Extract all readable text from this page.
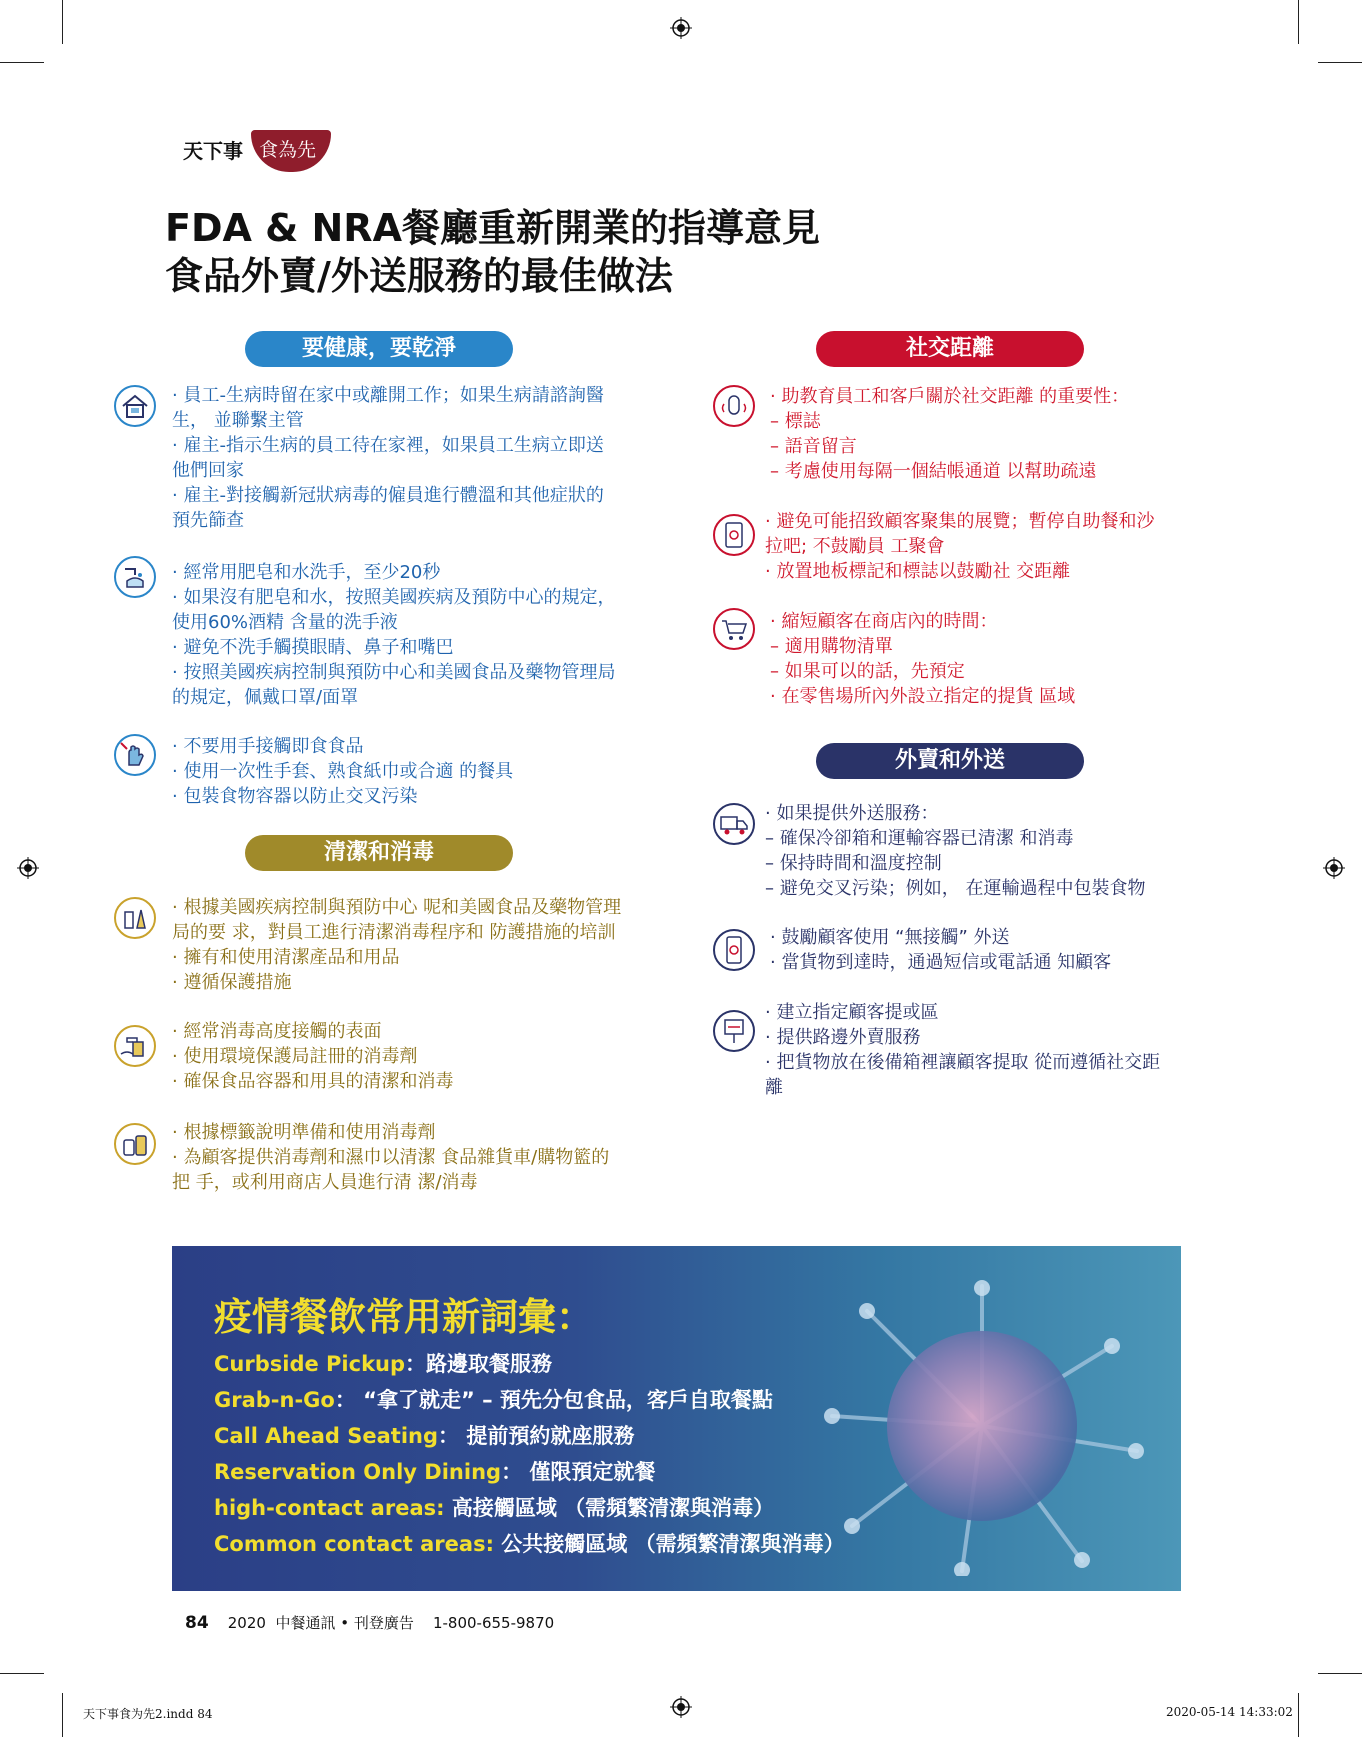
天下事 食為先
FDA & NRA餐廳重新開業的指導意見
食品外賣/外送服務的最佳做法
要健康，要乾淨
· 員工-生病時留在家中或離開工作；如果生病請諮詢醫
生， 並聯繫主管
· 雇主-指示生病的員工待在家裡，如果員工生病立即送
他們回家
· 雇主-對接觸新冠狀病毒的僱員進行體溫和其他症狀的
預先篩查
· 經常用肥皂和水洗手，至少20秒
· 如果沒有肥皂和水，按照美國疾病及預防中心的規定，
使用60%酒精 含量的洗手液
· 避免不洗手觸摸眼睛、鼻子和嘴巴
· 按照美國疾病控制與預防中心和美國食品及藥物管理局
的規定，佩戴口罩/面罩
· 不要用手接觸即食食品
· 使用一次性手套、熟食紙巾或合適 的餐具
· 包裝食物容器以防止交叉污染
清潔和消毒
· 根據美國疾病控制與預防中心 呢和美國食品及藥物管理
局的要 求，對員工進行清潔消毒程序和 防護措施的培訓
· 擁有和使用清潔產品和用品
· 遵循保護措施
· 經常消毒高度接觸的表面
· 使用環境保護局註冊的消毒劑
· 確保食品容器和用具的清潔和消毒
· 根據標籤說明準備和使用消毒劑
· 為顧客提供消毒劑和濕巾以清潔 食品雜貨車/購物籃的
把 手，或利用商店人員進行清 潔/消毒
社交距離
· 助教育員工和客戶關於社交距離 的重要性：
– 標誌
– 語音留言
– 考慮使用每隔一個結帳通道 以幫助疏遠
· 避免可能招致顧客聚集的展覽；暫停自助餐和沙
拉吧; 不鼓勵員 工聚會
· 放置地板標記和標誌以鼓勵社 交距離
· 縮短顧客在商店內的時間：
– 適用購物清單
– 如果可以的話，先預定
· 在零售場所內外設立指定的提貨 區域
外賣和外送
· 如果提供外送服務：
– 確保冷卻箱和運輸容器已清潔 和消毒
– 保持時間和溫度控制
– 避免交叉污染；例如， 在運輸過程中包裝食物
· 鼓勵顧客使用 “無接觸” 外送
· 當貨物到達時，通過短信或電話通 知顧客
· 建立指定顧客提或區
· 提供路邊外賣服務
· 把貨物放在後備箱裡讓顧客提取 從而遵循社交距
離
疫情餐飲常用新詞彙：
Curbside Pickup：路邊取餐服務
Grab-n-Go： “拿了就走” – 預先分包食品，客戶自取餐點
Call Ahead Seating： 提前預約就座服務
Reservation Only Dining： 僅限預定就餐
high-contact areas: 高接觸區域 （需頻繁清潔與消毒）
Common contact areas: 公共接觸區域 （需頻繁清潔與消毒）
84 2020 中餐通訊 • 刊登廣告 1-800-655-9870
天下事食为先2.indd 84	2020-05-14 14:33:02
